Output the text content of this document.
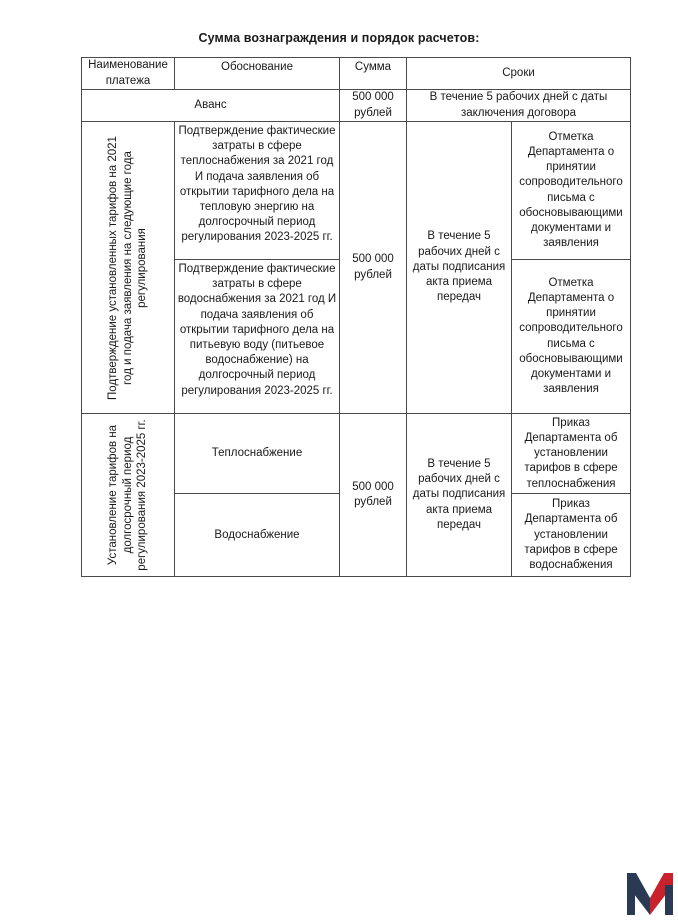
Сумма вознаграждения и порядок расчетов:
Наименование платежа	Обоснование	Сумма	Сроки	
Аванс		500 000 рублей	В течение 5 рабочих дней с даты заключения договора	

Подтверждение установленных тарифов на 2021 год и подача заявления на следующие года регулирования	Подтверждение фактические затраты в сфере теплоснабжения за 2021 год И подача заявления об открытии тарифного дела на тепловую энергию на долгосрочный период регулирования 2023-2025 гг.	500 000 рублей	В течение 5 рабочих дней с даты подписания акта приема передач	Отметка Департамента о принятии сопроводительного письма с обосновывающими документами и заявления
	Подтверждение фактические затраты в сфере водоснабжения за 2021 год И подача заявления об открытии тарифного дела на питьевую воду (питьевое водоснабжение) на долгосрочный период регулирования 2023-2025 гг.			Отметка Департамента о принятии сопроводительного письма с обосновывающими документами и заявления

Установление тарифов на долгосрочный период регулирования 2023-2025 гг.	Теплоснабжение	500 000 рублей	В течение 5 рабочих дней с даты подписания акта приема передач	Приказ Департамента об установлении тарифов в сфере теплоснабжения
	Водоснабжение			Приказ Департамента об установлении тарифов в сфере водоснабжения
